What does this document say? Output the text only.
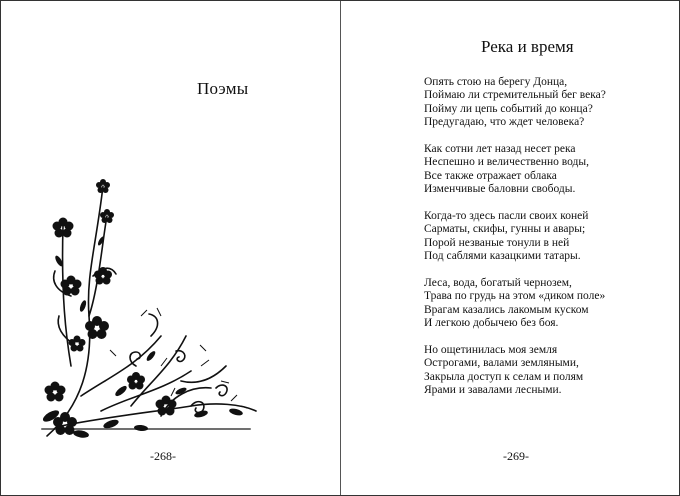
Поэмы
-268-
Река и время
Опять стою на берегу Донца,
Поймаю ли стремительный бег века?
Пойму ли цепь событий до конца?
Предугадаю, что ждет человека?
Как сотни лет назад несет река
Неспешно и величественно воды,
Все также отражает облака
Изменчивые баловни свободы.
Когда-то здесь пасли своих коней
Сарматы, скифы, гунны и авары;
Порой незваные тонули в ней
Под саблями казацкими татары.
Леса, вода, богатый чернозем,
Трава по грудь на этом «диком поле»
Врагам казались лакомым куском
И легкою добычею без боя.
Но ощетинилась моя земля
Острогами, валами земляными,
Закрыла доступ к селам и полям
Ярами и завалами лесными.
-269-
